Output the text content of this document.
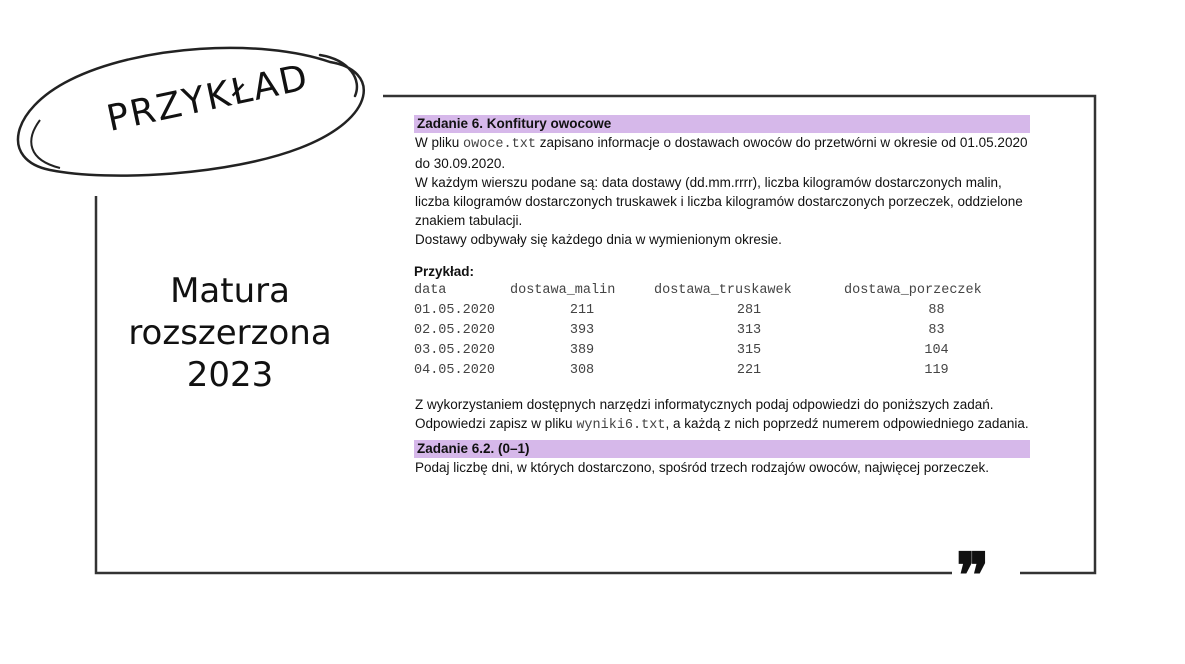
PRZYKŁAD
Matura
rozszerzona
2023
Zadanie 6. Konfitury owocowe

W pliku owoce.txt zapisano informacje o dostawach owoców do przetwórni w okresie od 01.05.2020 do 30.09.2020.

W każdym wierszu podane są: data dostawy (dd.mm.rrrr), liczba kilogramów dostarczonych malin, liczba kilogramów dostarczonych truskawek i liczba kilogramów dostarczonych porzeczek, oddzielone znakiem tabulacji.

Dostawy odbywały się każdego dnia w wymienionym okresie.

Przykład:
data	dostawa_malin	dostawa_truskawek	dostawa_porzeczek
01.05.2020	211	281	88
02.05.2020	393	313	83
03.05.2020	389	315	104
04.05.2020	308	221	119

Z wykorzystaniem dostępnych narzędzi informatycznych podaj odpowiedzi do poniższych zadań. Odpowiedzi zapisz w pliku wyniki6.txt, a każdą z nich poprzedź numerem odpowiedniego zadania.

Zadanie 6.2. (0–1)

Podaj liczbę dni, w których dostarczono, spośród trzech rodzajów owoców, najwięcej porzeczek.

❞
